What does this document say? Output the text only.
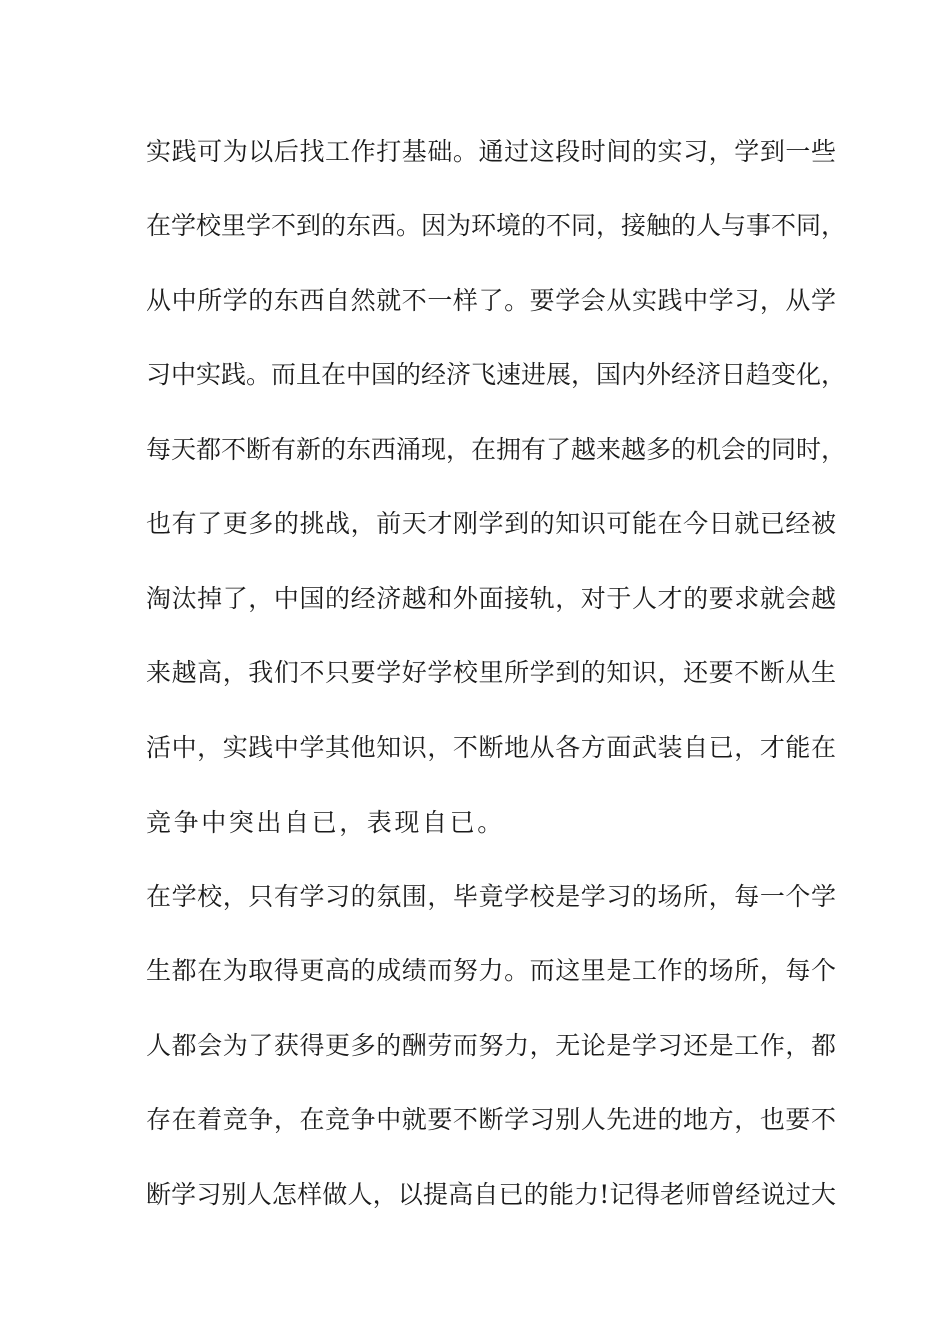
实践可为以后找工作打基础。通过这段时间的实习，学到一些
在学校里学不到的东西。因为环境的不同，接触的人与事不同，
从中所学的东西自然就不一样了。要学会从实践中学习，从学
习中实践。而且在中国的经济飞速进展，国内外经济日趋变化，
每天都不断有新的东西涌现，在拥有了越来越多的机会的同时，
也有了更多的挑战，前天才刚学到的知识可能在今日就已经被
淘汰掉了，中国的经济越和外面接轨，对于人才的要求就会越
来越高，我们不只要学好学校里所学到的知识，还要不断从生
活中，实践中学其他知识，不断地从各方面武装自已，才能在
竞争中突出自已，表现自已。
在学校，只有学习的氛围，毕竟学校是学习的场所，每一个学
生都在为取得更高的成绩而努力。而这里是工作的场所，每个
人都会为了获得更多的酬劳而努力，无论是学习还是工作，都
存在着竞争，在竞争中就要不断学习别人先进的地方，也要不
断学习别人怎样做人，以提高自已的能力!记得老师曾经说过大
